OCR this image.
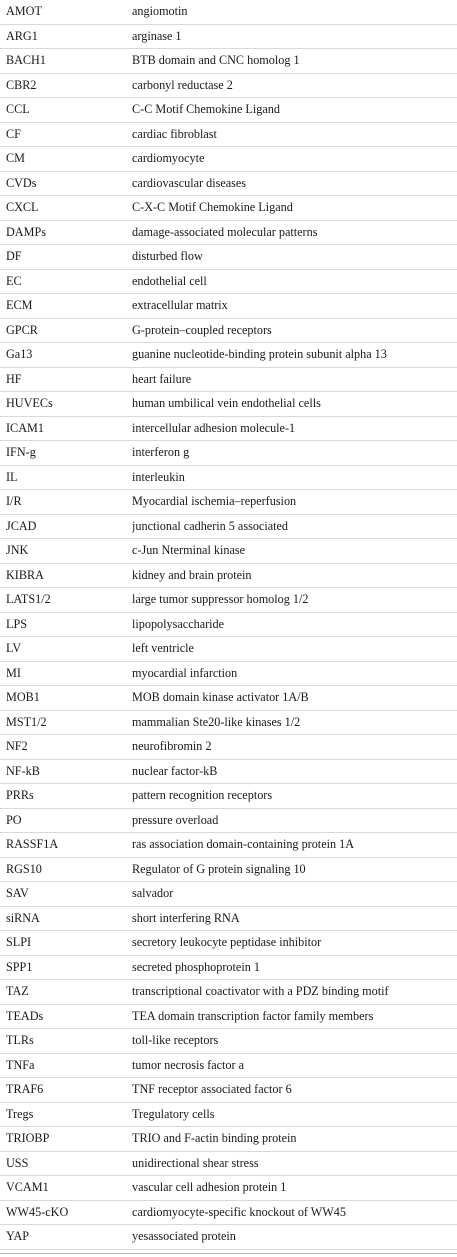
AMOT	angiomotin
ARG1	arginase 1
BACH1	BTB domain and CNC homolog 1
CBR2	carbonyl reductase 2
CCL	C-C Motif Chemokine Ligand
CF	cardiac fibroblast
CM	cardiomyocyte
CVDs	cardiovascular diseases
CXCL	C-X-C Motif Chemokine Ligand
DAMPs	damage-associated molecular patterns
DF	disturbed flow
EC	endothelial cell
ECM	extracellular matrix
GPCR	G-protein–coupled receptors
Ga13	guanine nucleotide-binding protein subunit alpha 13
HF	heart failure
HUVECs	human umbilical vein endothelial cells
ICAM1	intercellular adhesion molecule-1
IFN-g	interferon g
IL	interleukin
I/R	Myocardial ischemia–reperfusion
JCAD	junctional cadherin 5 associated
JNK	c-Jun Nterminal kinase
KIBRA	kidney and brain protein
LATS1/2	large tumor suppressor homolog 1/2
LPS	lipopolysaccharide
LV	left ventricle
MI	myocardial infarction
MOB1	MOB domain kinase activator 1A/B
MST1/2	mammalian Ste20-like kinases 1/2
NF2	neurofibromin 2
NF-kB	nuclear factor-kB
PRRs	pattern recognition receptors
PO	pressure overload
RASSF1A	ras association domain-containing protein 1A
RGS10	Regulator of G protein signaling 10
SAV	salvador
siRNA	short interfering RNA
SLPI	secretory leukocyte peptidase inhibitor
SPP1	secreted phosphoprotein 1
TAZ	transcriptional coactivator with a PDZ binding motif
TEADs	TEA domain transcription factor family members
TLRs	toll-like receptors
TNFa	tumor necrosis factor a
TRAF6	TNF receptor associated factor 6
Tregs	Tregulatory cells
TRIOBP	TRIO and F-actin binding protein
USS	unidirectional shear stress
VCAM1	vascular cell adhesion protein 1
WW45-cKO	cardiomyocyte-specific knockout of WW45
YAP	yesassociated protein
